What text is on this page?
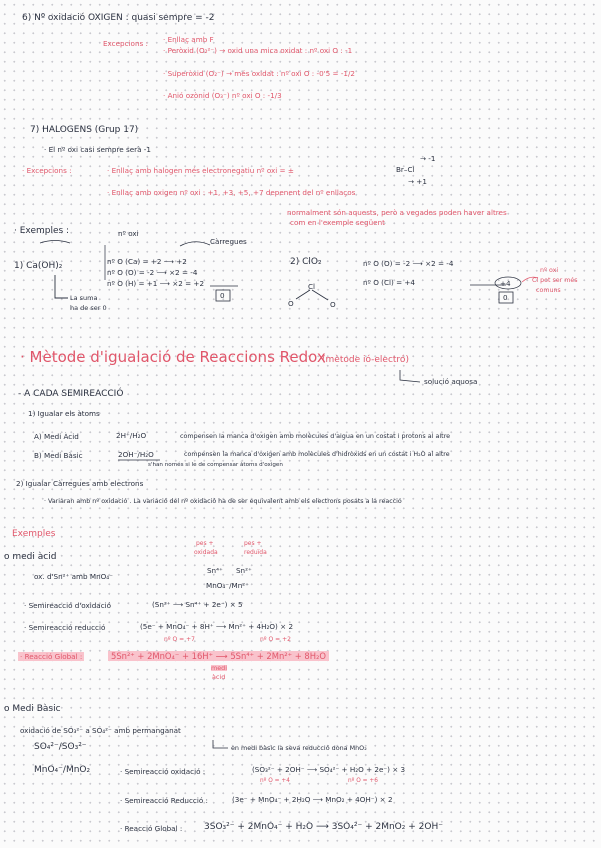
6) Nº oxidació OXIGEN : quasi sempre = -2
Excepcions : · Enllaç amb F
· Peròxid (O₂²⁻) → oxid una mica oxidat : nº oxi O : -1
· Superòxid (O₂⁻) → més oxidat : nº oxi O : -0'5 = -1/2
· Anió ozònid (O₃⁻) nº oxi O : -1/3
7) HALOGENS (Grup 17)
· El nº oxi casi sempre serà -1
· Excepcions :	· Enllaç amb halogen més electronegatiu nº oxi = ±
· Enllaç amb oxigen nº oxi : +1, +3, +5, +7 depenent del nº enllaços
normalment són aquests, però a vegades poden haver altres
com en l'exemple següent
Br–Cl
→ -1
→ +1
· Exemples :	nº oxi
Càrregues
1) Ca(OH)₂	nº O (Ca) = +2 ⟶ +2
nº O (O) = -2 ⟶ ×2 = -4
nº O (H) = +1 ⟶ ×2 = +2
0
La suma
ha de ser 0
2) ClO₂	nº O (O) = -2 ⟶ ×2 = -4
nº O (Cl) = +4	+4
0
nº oxi
Cl pot ser més
comuns
O
Cl
O
· Mètode d'igualació de Reaccions Redox
(mètode ió-electró)
solució aquosa
- A CADA SEMIREACCIÓ
1) Igualar els àtoms
A) Medi Àcid	2H⁺/H₂O	compensen la manca d'oxigen amb molècules d'aigua en un costat i protons al altre
B) Medi Bàsic	2OH⁻/H₂O	compensen la manca d'oxigen amb molècules d'hidròxids en un costat i H₂O al altre
s'han només si le de compensar àtoms d'oxigen
2) Igualar Càrregues amb electrons
· Variaran amb nº oxidació . La variació del nº oxidació ha de ser equivalent amb els electrons posats a la reacció
Exemples
o medi àcid
ox. d'Sn²⁺ amb MnO₄⁻
pes +
oxidada
pes +
reduïda
Sn⁴⁺ Sn²⁺
MnO₄⁻/Mn²⁺
· Semireacció d'oxidació	(Sn²⁺ ⟶ Sn⁴⁺ + 2e⁻) × 5
· Semireacció reducció	(5e⁻ + MnO₄⁻ + 8H⁺ ⟶ Mn²⁺ + 4H₂O) × 2
nº O = +7	nº O = +2
· Reacció Global :	5Sn²⁺ + 2MnO₄⁻ + 16H⁺ ⟶ 5Sn⁴⁺ + 2Mn²⁺ + 8H₂O
medi
àcid
o Medi Bàsic
oxidació de SO₃²⁻ a SO₄²⁻ amb permanganat
SO₄²⁻/SO₃²⁻
MnO₄⁻/MnO₂
en medi bàsic la seva reducció dona MnO₂
· Semireacció oxidació :	(SO₃²⁻ + 2OH⁻ ⟶ SO₄²⁻ + H₂O + 2e⁻) × 3
nº O = +4	nº O = +6
· Semireacció Reducció :	(3e⁻ + MnO₄⁻ + 2H₂O ⟶ MnO₂ + 4OH⁻) × 2
· Reacció Global : 3SO₃²⁻ + 2MnO₄⁻ + H₂O ⟶ 3SO₄²⁻ + 2MnO₂ + 2OH⁻
